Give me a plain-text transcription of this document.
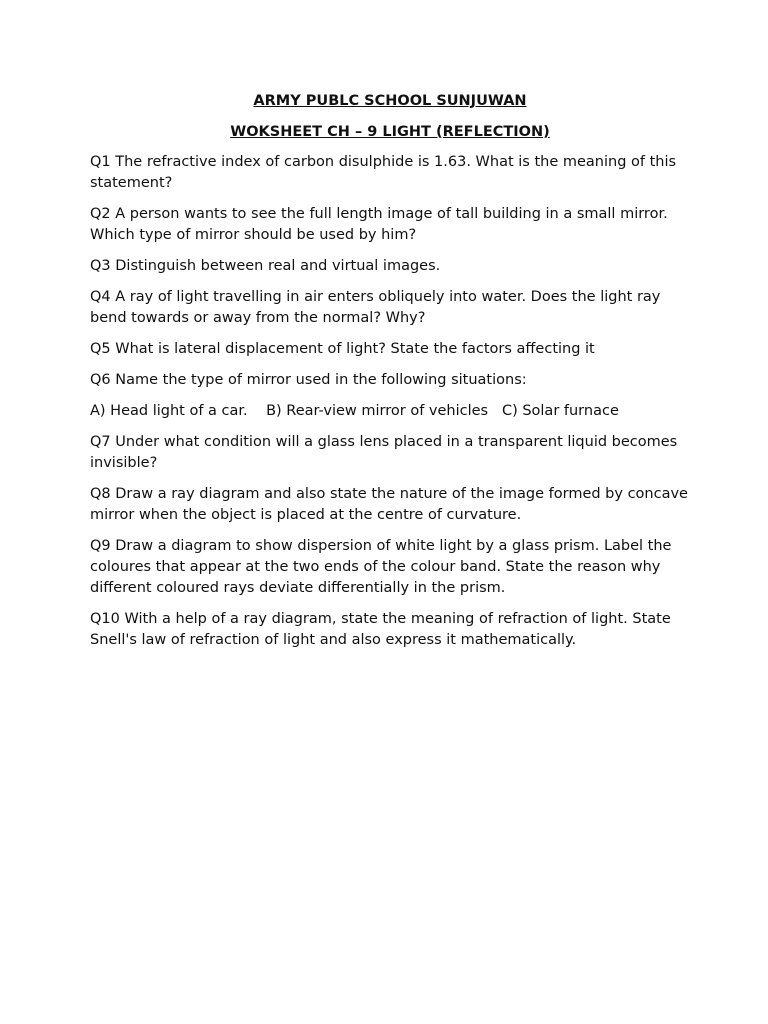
ARMY PUBLC SCHOOL SUNJUWAN
WOKSHEET CH – 9 LIGHT (REFLECTION)

Q1 The refractive index of carbon disulphide is 1.63. What is the meaning of this statement?

Q2 A person wants to see the full length image of tall building in a small mirror. Which type of mirror should be used by him?

Q3 Distinguish between real and virtual images.

Q4 A ray of light travelling in air enters obliquely into water. Does the light ray bend towards or away from the normal? Why?

Q5 What is lateral displacement of light? State the factors affecting it

Q6 Name the type of mirror used in the following situations:

A) Head light of a car.    B) Rear-view mirror of vehicles   C) Solar furnace

Q7 Under what condition will a glass lens placed in a transparent liquid becomes invisible?

Q8 Draw a ray diagram and also state the nature of the image formed by concave mirror when the object is placed at the centre of curvature.

Q9 Draw a diagram to show dispersion of white light by a glass prism. Label the coloures that appear at the two ends of the colour band. State the reason why different coloured rays deviate differentially in the prism.

Q10 With a help of a ray diagram, state the meaning of refraction of light. State Snell's law of refraction of light and also express it mathematically.
